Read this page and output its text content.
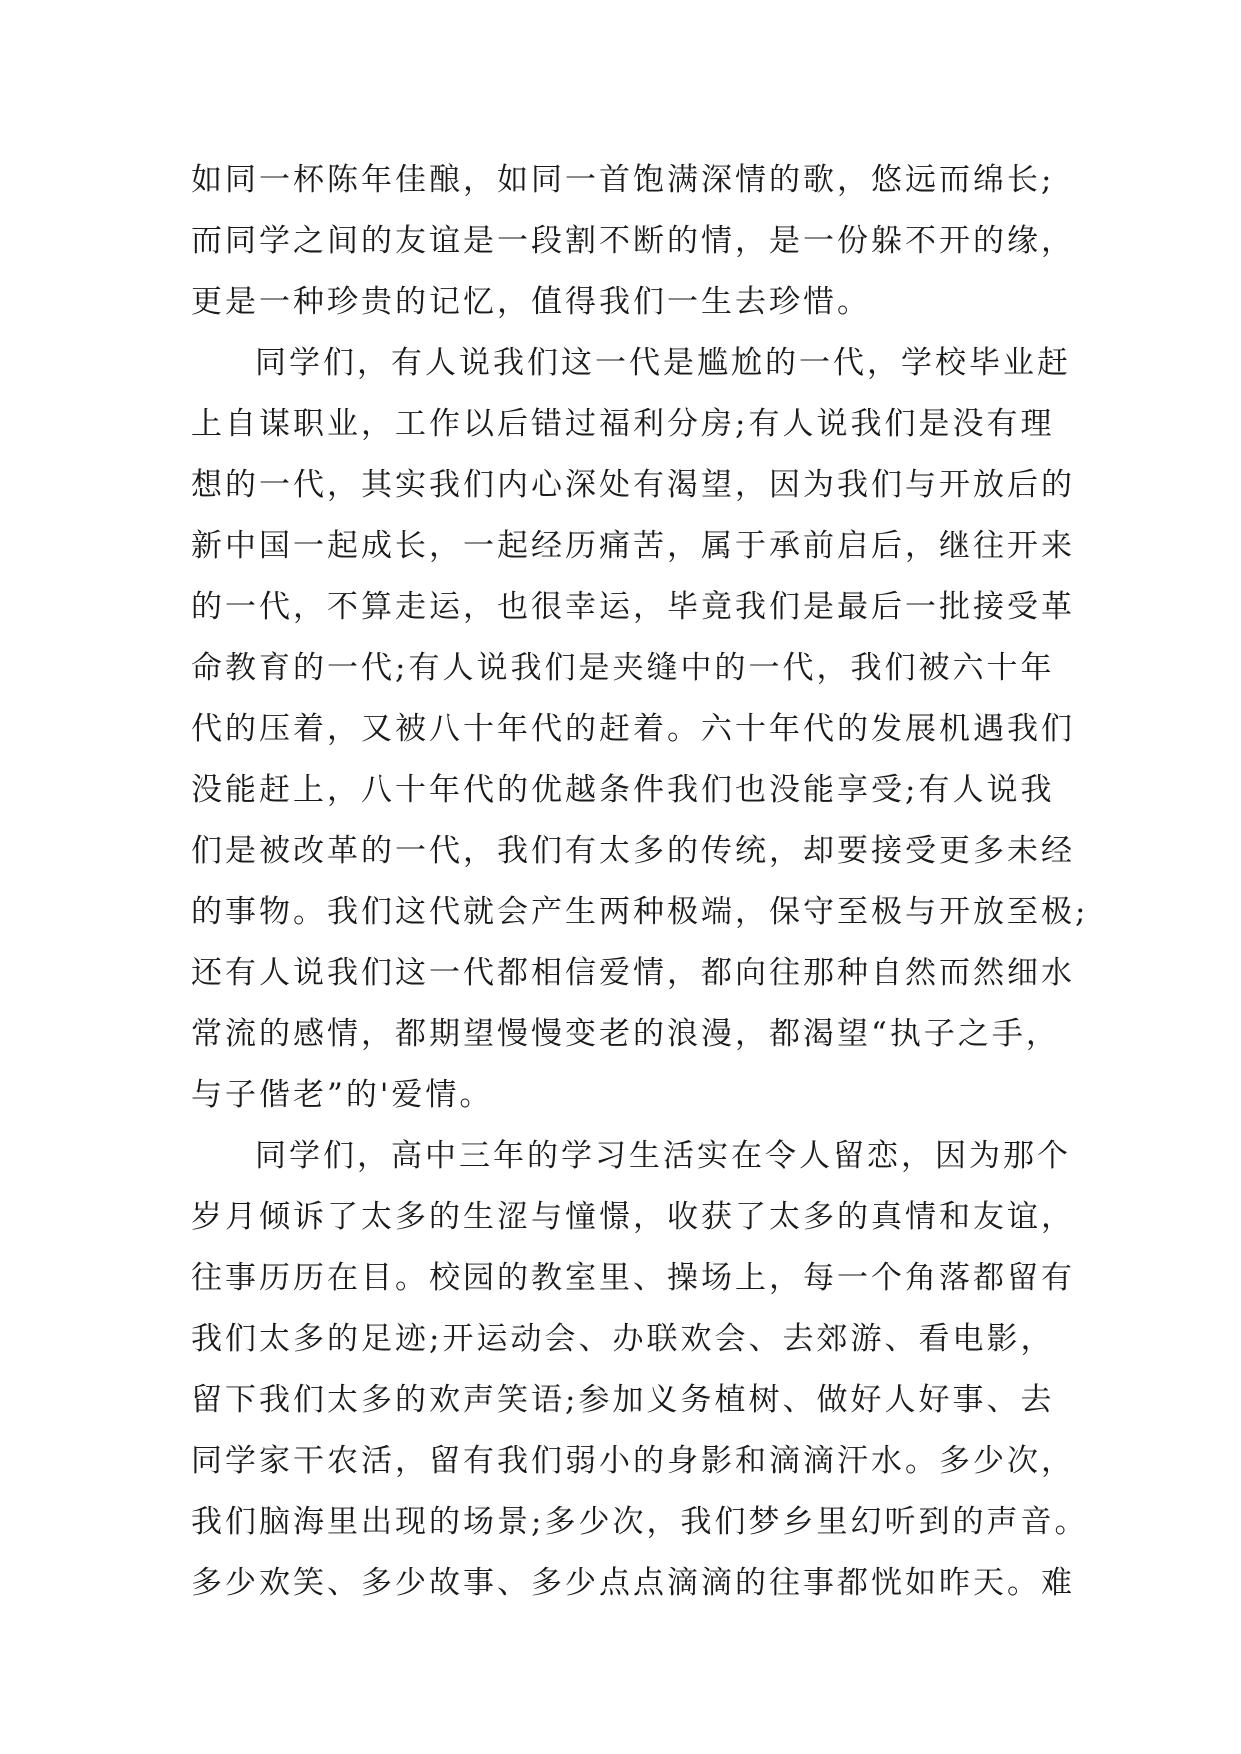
如同一杯陈年佳酿，如同一首饱满深情的歌，悠远而绵长;
而同学之间的友谊是一段割不断的情，是一份躲不开的缘，
更是一种珍贵的记忆，值得我们一生去珍惜。
同学们，有人说我们这一代是尴尬的一代，学校毕业赶
上自谋职业，工作以后错过福利分房;有人说我们是没有理
想的一代，其实我们内心深处有渴望，因为我们与开放后的
新中国一起成长，一起经历痛苦，属于承前启后，继往开来
的一代，不算走运，也很幸运，毕竟我们是最后一批接受革
命教育的一代;有人说我们是夹缝中的一代，我们被六十年
代的压着，又被八十年代的赶着。六十年代的发展机遇我们
没能赶上，八十年代的优越条件我们也没能享受;有人说我
们是被改革的一代，我们有太多的传统，却要接受更多未经
的事物。我们这代就会产生两种极端，保守至极与开放至极;
还有人说我们这一代都相信爱情，都向往那种自然而然细水
常流的感情，都期望慢慢变老的浪漫，都渴望“执子之手，
与子偕老”的'爱情。
同学们，高中三年的学习生活实在令人留恋，因为那个
岁月倾诉了太多的生涩与憧憬，收获了太多的真情和友谊，
往事历历在目。校园的教室里、操场上，每一个角落都留有
我们太多的足迹;开运动会、办联欢会、去郊游、看电影，
留下我们太多的欢声笑语;参加义务植树、做好人好事、去
同学家干农活，留有我们弱小的身影和滴滴汗水。多少次，
我们脑海里出现的场景;多少次，我们梦乡里幻听到的声音。
多少欢笑、多少故事、多少点点滴滴的往事都恍如昨天。难
